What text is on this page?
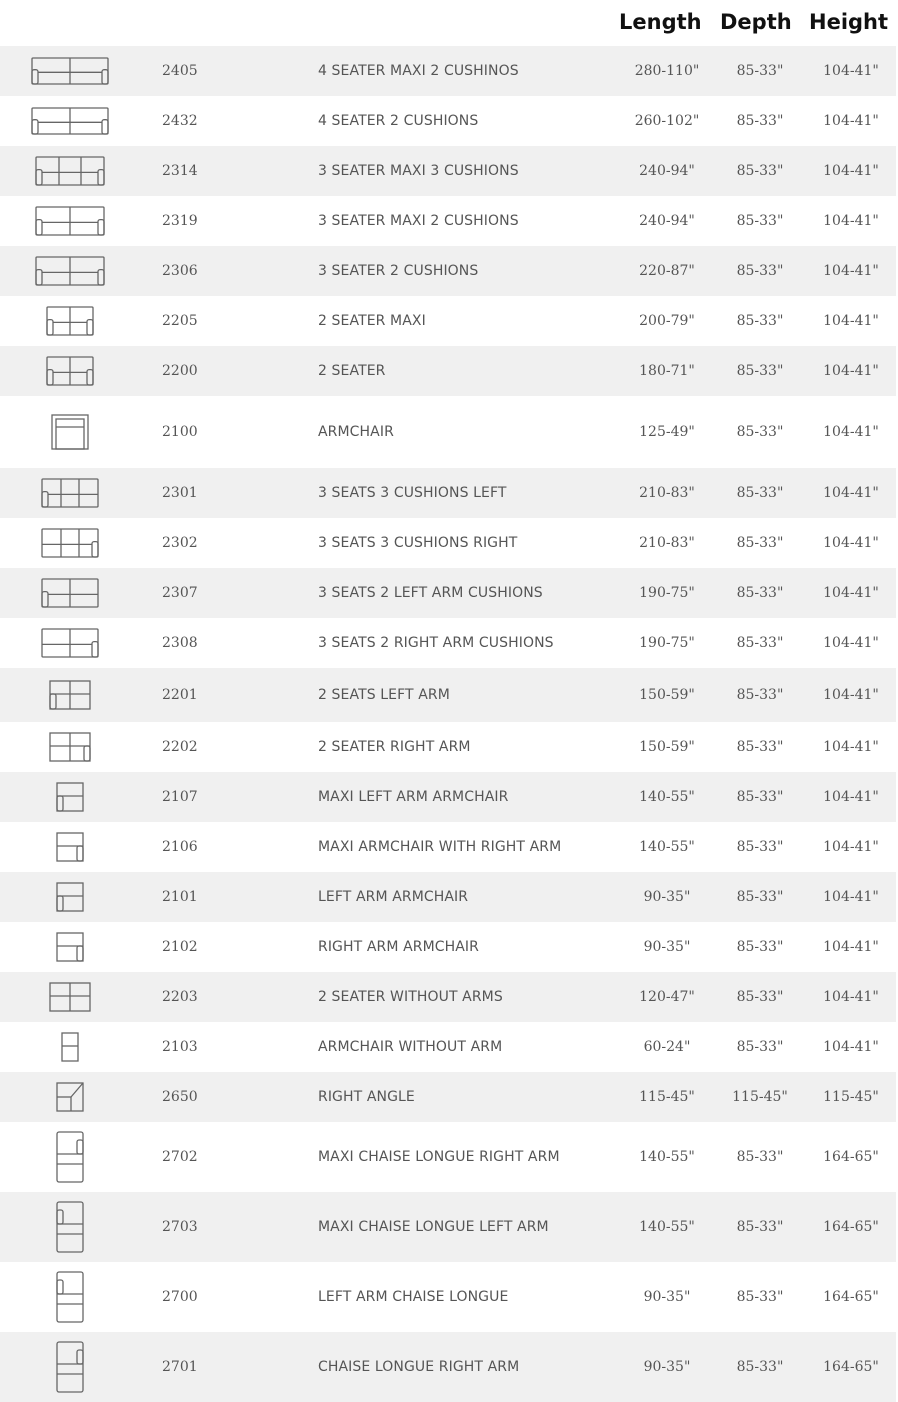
Length Depth Height
2405	4 SEATER MAXI 2 CUSHINOS	280-110"	85-33"	104-41"
2432	4 SEATER 2 CUSHIONS	260-102"	85-33"	104-41"
2314	3 SEATER MAXI 3 CUSHIONS	240-94"	85-33"	104-41"
2319	3 SEATER MAXI 2 CUSHIONS	240-94"	85-33"	104-41"
2306	3 SEATER 2 CUSHIONS	220-87"	85-33"	104-41"
2205	2 SEATER MAXI	200-79"	85-33"	104-41"
2200	2 SEATER	180-71"	85-33"	104-41"
2100	ARMCHAIR	125-49"	85-33"	104-41"
2301	3 SEATS 3 CUSHIONS LEFT	210-83"	85-33"	104-41"
2302	3 SEATS 3 CUSHIONS RIGHT	210-83"	85-33"	104-41"
2307	3 SEATS 2 LEFT ARM CUSHIONS	190-75"	85-33"	104-41"
2308	3 SEATS 2 RIGHT ARM CUSHIONS	190-75"	85-33"	104-41"
2201	2 SEATS LEFT ARM	150-59"	85-33"	104-41"
2202	2 SEATER RIGHT ARM	150-59"	85-33"	104-41"
2107	MAXI LEFT ARM ARMCHAIR	140-55"	85-33"	104-41"
2106	MAXI ARMCHAIR WITH RIGHT ARM	140-55"	85-33"	104-41"
2101	LEFT ARM ARMCHAIR	90-35"	85-33"	104-41"
2102	RIGHT ARM ARMCHAIR	90-35"	85-33"	104-41"
2203	2 SEATER WITHOUT ARMS	120-47"	85-33"	104-41"
2103	ARMCHAIR WITHOUT ARM	60-24"	85-33"	104-41"
2650	RIGHT ANGLE	115-45"	115-45"	115-45"
2702	MAXI CHAISE LONGUE RIGHT ARM	140-55"	85-33"	164-65"
2703	MAXI CHAISE LONGUE LEFT ARM	140-55"	85-33"	164-65"
2700	LEFT ARM CHAISE LONGUE	90-35"	85-33"	164-65"
2701	CHAISE LONGUE RIGHT ARM	90-35"	85-33"	164-65"
